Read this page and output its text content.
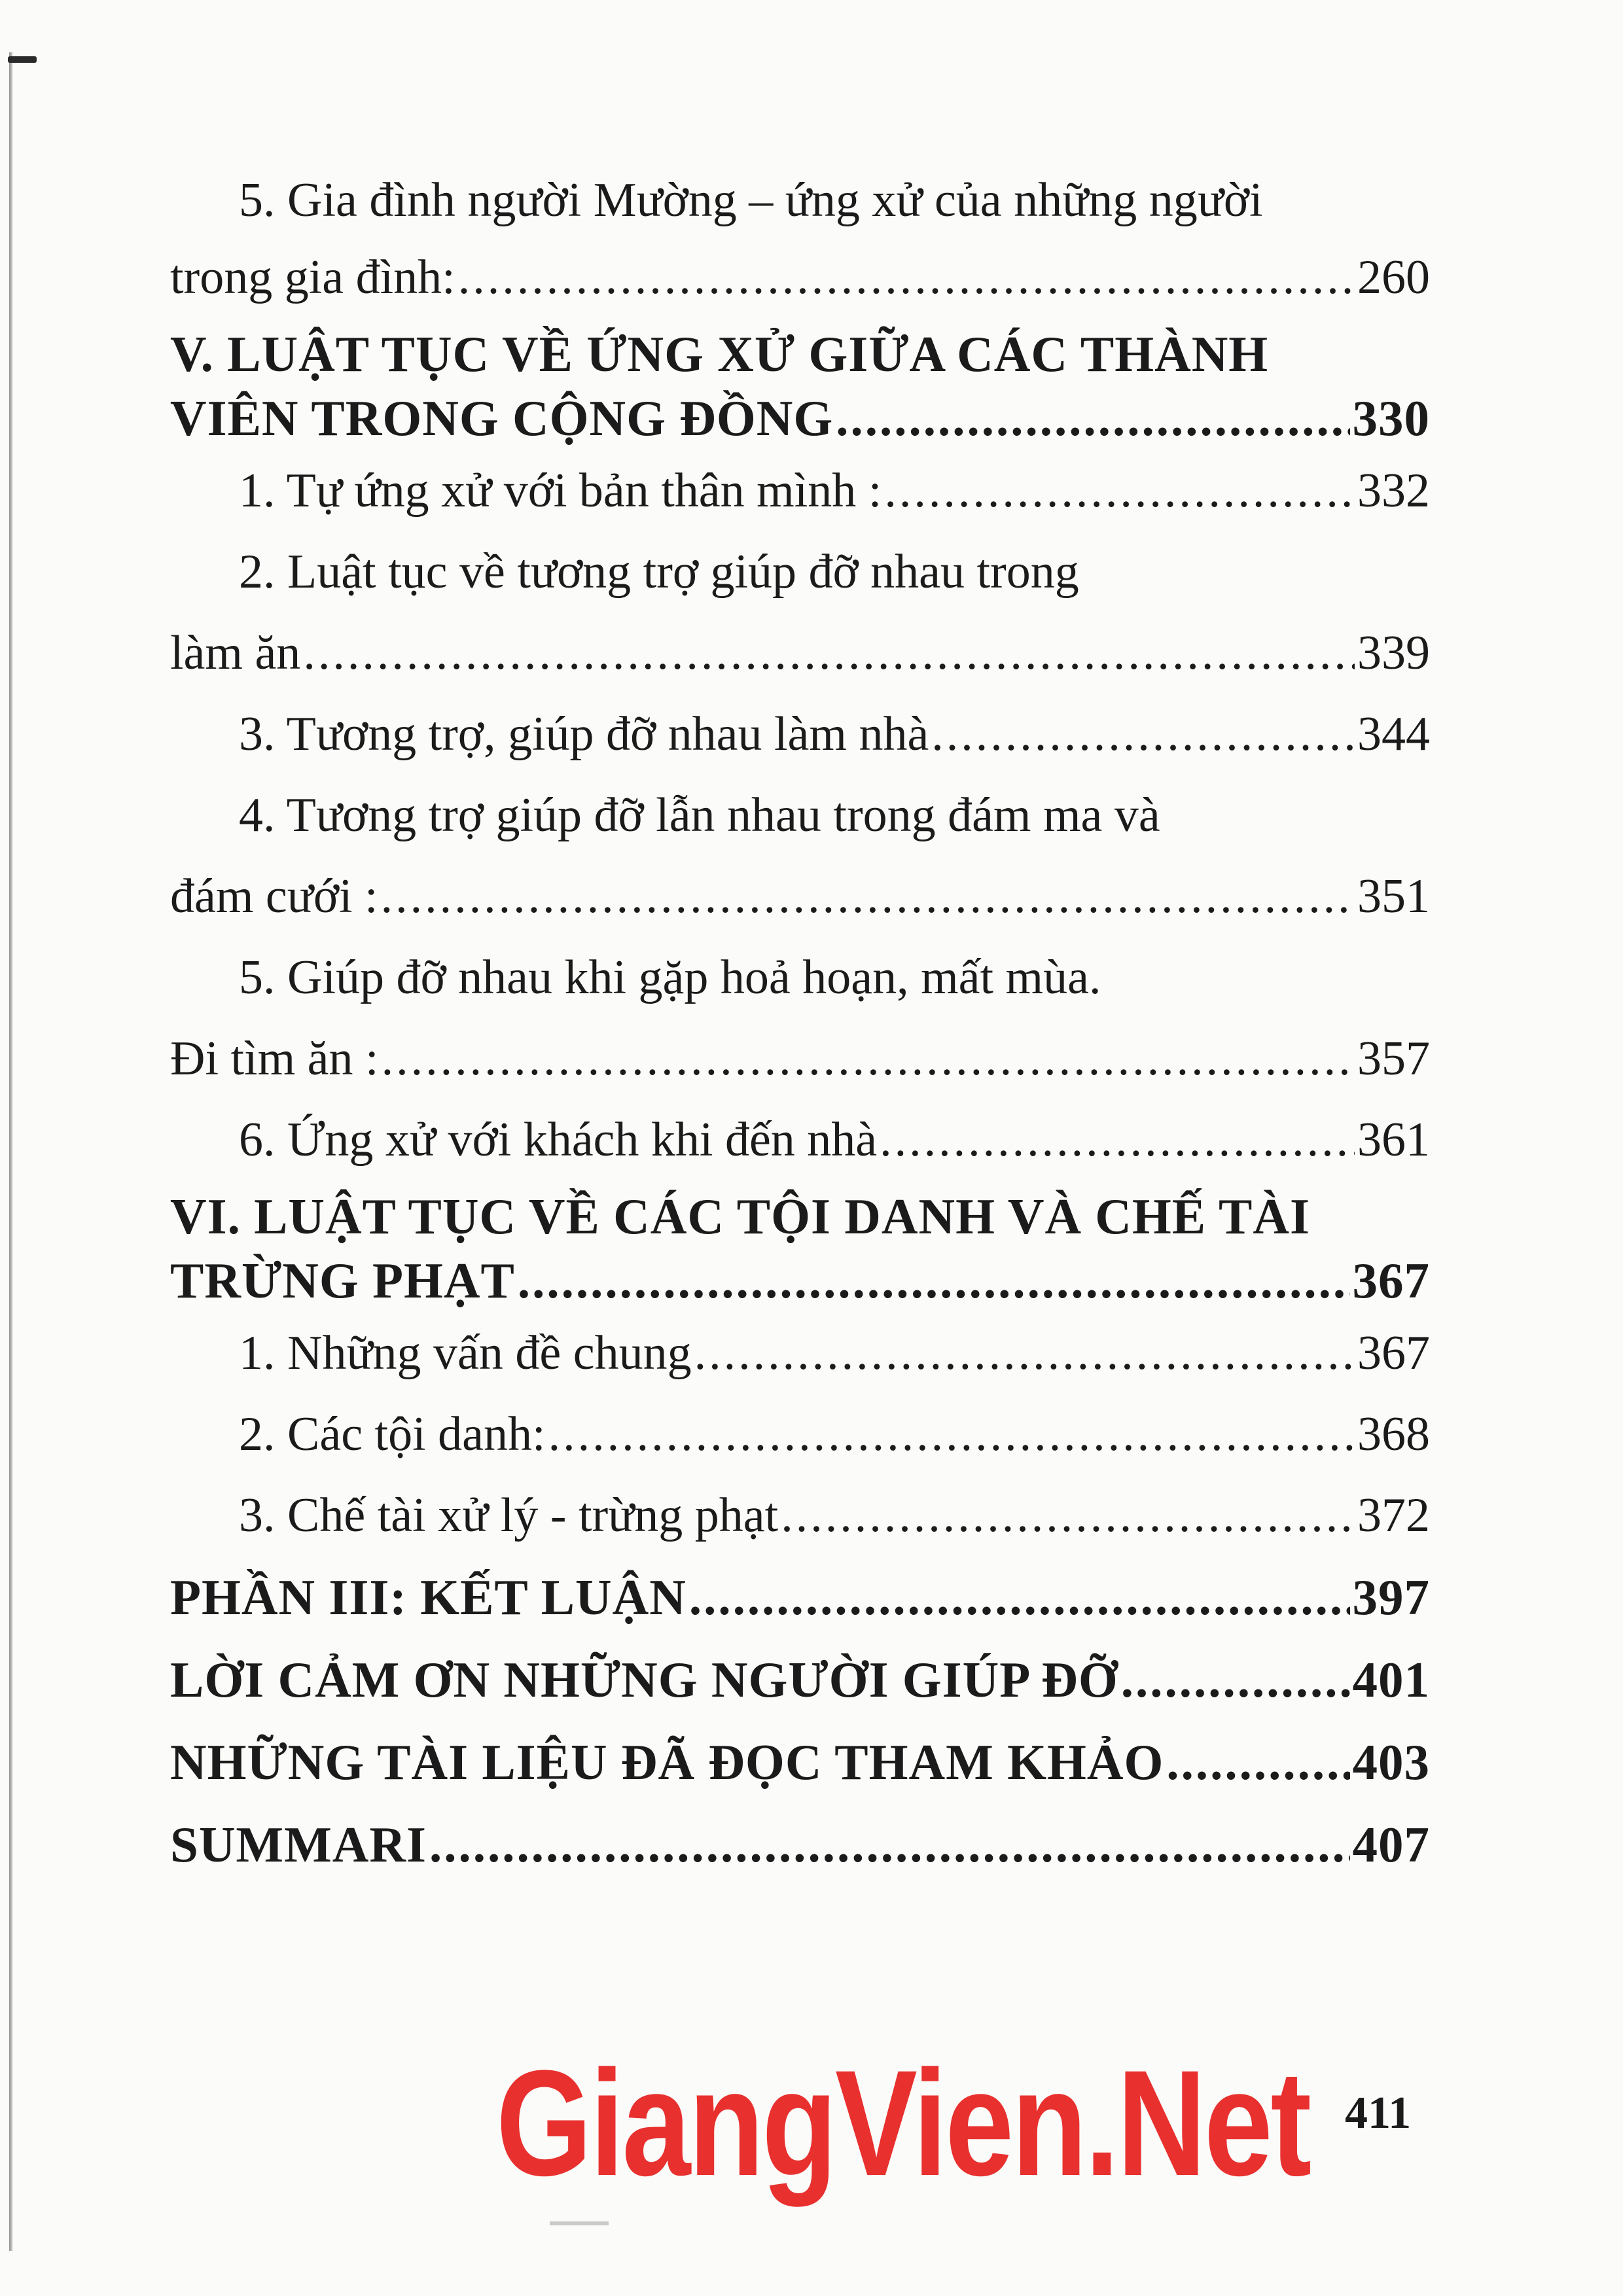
5. Gia đình người Mường – ứng xử của những người
trong gia đình: .....	260
V. LUẬT TỤC VỀ ỨNG XỬ GIỮA CÁC THÀNH
VIÊN TRONG CỘNG ĐỒNG .....	330
1. Tự ứng xử với bản thân mình : .....	332
2. Luật tục về tương trợ giúp đỡ nhau trong
làm ăn .....	339
3. Tương trợ, giúp đỡ nhau làm nhà .....	344
4. Tương trợ giúp đỡ lẫn nhau trong đám ma và
đám cưới : .....	351
5. Giúp đỡ nhau khi gặp hoả hoạn, mất mùa.
Đi tìm ăn : .....	357
6. Ứng xử với khách khi đến nhà .....	361
VI. LUẬT TỤC VỀ CÁC TỘI DANH VÀ CHẾ TÀI
TRỪNG PHẠT .....	367
1. Những vấn đề chung .....	367
2. Các tội danh: .....	368
3. Chế tài xử lý - trừng phạt .....	372
PHẦN III: KẾT LUẬN .....	397
LỜI CẢM ƠN NHỮNG NGƯỜI GIÚP ĐỠ .....	401
NHỮNG TÀI LIỆU ĐÃ ĐỌC THAM KHẢO .....	403
SUMMARI .....	407
GiangVien.Net 411
